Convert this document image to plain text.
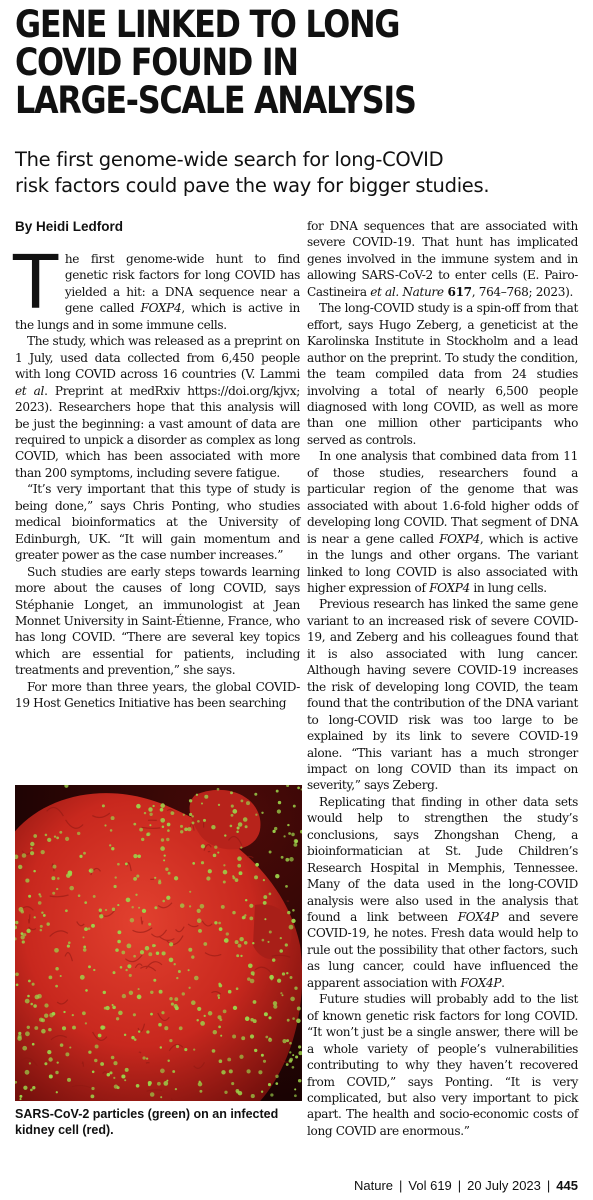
GENE LINKED TO LONG
COVID FOUND IN
LARGE-SCALE ANALYSIS
The first genome-wide search for long-COVID
risk factors could pave the way for bigger studies.
By Heidi Ledford

The first genome-wide hunt to find genetic risk factors for long COVID has yielded a hit: a DNA sequence near a gene called FOXP4, which is active in the lungs and in some immune cells.

The study, which was released as a preprint on 1 July, used data collected from 6,450 people with long COVID across 16 countries (V. Lammi et al. Preprint at medRxiv https://doi.org/kjvx; 2023). Researchers hope that this analysis will be just the beginning: a vast amount of data are required to unpick a disorder as complex as long COVID, which has been associated with more than 200 symptoms, including severe fatigue.

“It’s very important that this type of study is being done,” says Chris Ponting, who studies medical bioinformatics at the University of Edinburgh, UK. “It will gain momentum and greater power as the case number increases.”

Such studies are early steps towards learning more about the causes of long COVID, says Stéphanie Longet, an immunologist at Jean Monnet University in Saint-Étienne, France, who has long COVID. “There are several key topics which are essential for patients, including treatments and prevention,” she says.

For more than three years, the global COVID-19 Host Genetics Initiative has been searching

SARS-CoV-2 particles (green) on an infected kidney cell (red).

for DNA sequences that are associated with severe COVID-19. That hunt has implicated genes involved in the immune system and in allowing SARS-CoV-2 to enter cells (E. Pairo-Castineira et al. Nature 617, 764–768; 2023).

The long-COVID study is a spin-off from that effort, says Hugo Zeberg, a geneticist at the Karolinska Institute in Stockholm and a lead author on the preprint. To study the condition, the team compiled data from 24 studies involving a total of nearly 6,500 people diagnosed with long COVID, as well as more than one million other participants who served as controls.

In one analysis that combined data from 11 of those studies, researchers found a particular region of the genome that was associated with about 1.6-fold higher odds of developing long COVID. That segment of DNA is near a gene called FOXP4, which is active in the lungs and other organs. The variant linked to long COVID is also associated with higher expression of FOXP4 in lung cells.

Previous research has linked the same gene variant to an increased risk of severe COVID-19, and Zeberg and his colleagues found that it is also associated with lung cancer. Although having severe COVID-19 increases the risk of developing long COVID, the team found that the contribution of the DNA variant to long-COVID risk was too large to be explained by its link to severe COVID-19 alone. “This variant has a much stronger impact on long COVID than its impact on severity,” says Zeberg.

Replicating that finding in other data sets would help to strengthen the study’s conclusions, says Zhongshan Cheng, a bioinformatician at St. Jude Children’s Research Hospital in Memphis, Tennessee. Many of the data used in the long-COVID analysis were also used in the analysis that found a link between FOX4P and severe COVID-19, he notes. Fresh data would help to rule out the possibility that other factors, such as lung cancer, could have influenced the apparent association with FOX4P.

Future studies will probably add to the list of known genetic risk factors for long COVID. “It won’t just be a single answer, there will be a whole variety of people’s vulnerabilities contributing to why they haven’t recovered from COVID,” says Ponting. “It is very complicated, but also very important to pick apart. The health and socio-economic costs of long COVID are enormous.”

Nature | Vol 619 | 20 July 2023 | 445
